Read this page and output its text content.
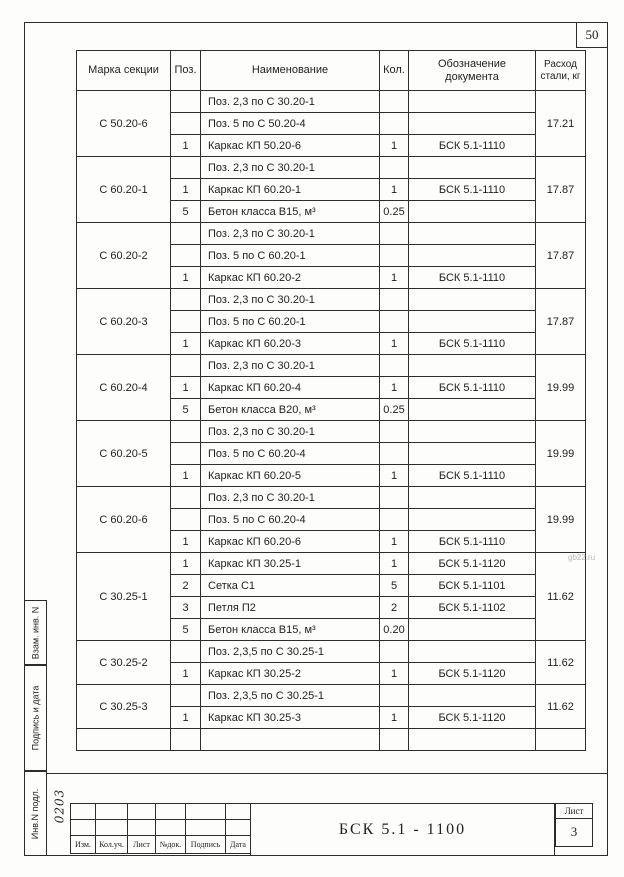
50
Марка секции	Поз.	Наименование	Кол.	Обозначение документа	Расход стали, кг
С 50.20-6		Поз. 2,3 по С 30.20-1			17.21
		Поз. 5 по С 50.20-4			
	1	Каркас КП 50.20-6	1	БСК 5.1-1110	
С 60.20-1		Поз. 2,3 по С 30.20-1			17.87
	1	Каркас КП 60.20-1	1	БСК 5.1-1110	
	5	Бетон класса В15, м³	0.25		
С 60.20-2		Поз. 2,3 по С 30.20-1			17.87
		Поз. 5 по С 60.20-1			
	1	Каркас КП 60.20-2	1	БСК 5.1-1110	
С 60.20-3		Поз. 2,3 по С 30.20-1			17.87
		Поз. 5 по С 60.20-1			
	1	Каркас КП 60.20-3	1	БСК 5.1-1110	
С 60.20-4		Поз. 2,3 по С 30.20-1			19.99
	1	Каркас КП 60.20-4	1	БСК 5.1-1110	
	5	Бетон класса В20, м³	0.25		
С 60.20-5		Поз. 2,3 по С 30.20-1			19.99
		Поз. 5 по С 60.20-4			
	1	Каркас КП 60.20-5	1	БСК 5.1-1110	
С 60.20-6		Поз. 2,3 по С 30.20-1			19.99
		Поз. 5 по С 60.20-4			
	1	Каркас КП 60.20-6	1	БСК 5.1-1110	
С 30.25-1	1	Каркас КП 30.25-1	1	БСК 5.1-1120	11.62
	2	Сетка С1	5	БСК 5.1-1101	
	3	Петля П2	2	БСК 5.1-1102	
	5	Бетон класса В15, м³	0.20		
С 30.25-2		Поз. 2,3,5 по С 30.25-1			11.62
	1	Каркас КП 30.25-2	1	БСК 5.1-1120	
С 30.25-3		Поз. 2,3,5 по С 30.25-1			11.62
	1	Каркас КП 30.25-3	1	БСК 5.1-1120	

Взам. инв. N
Подпись и дата
Инв.N подл. 0203

Изм.	Кол.уч.	Лист	№док.	Подпись	Дата
БСК 5.1 - 1100
Лист
3
gb22.ru
